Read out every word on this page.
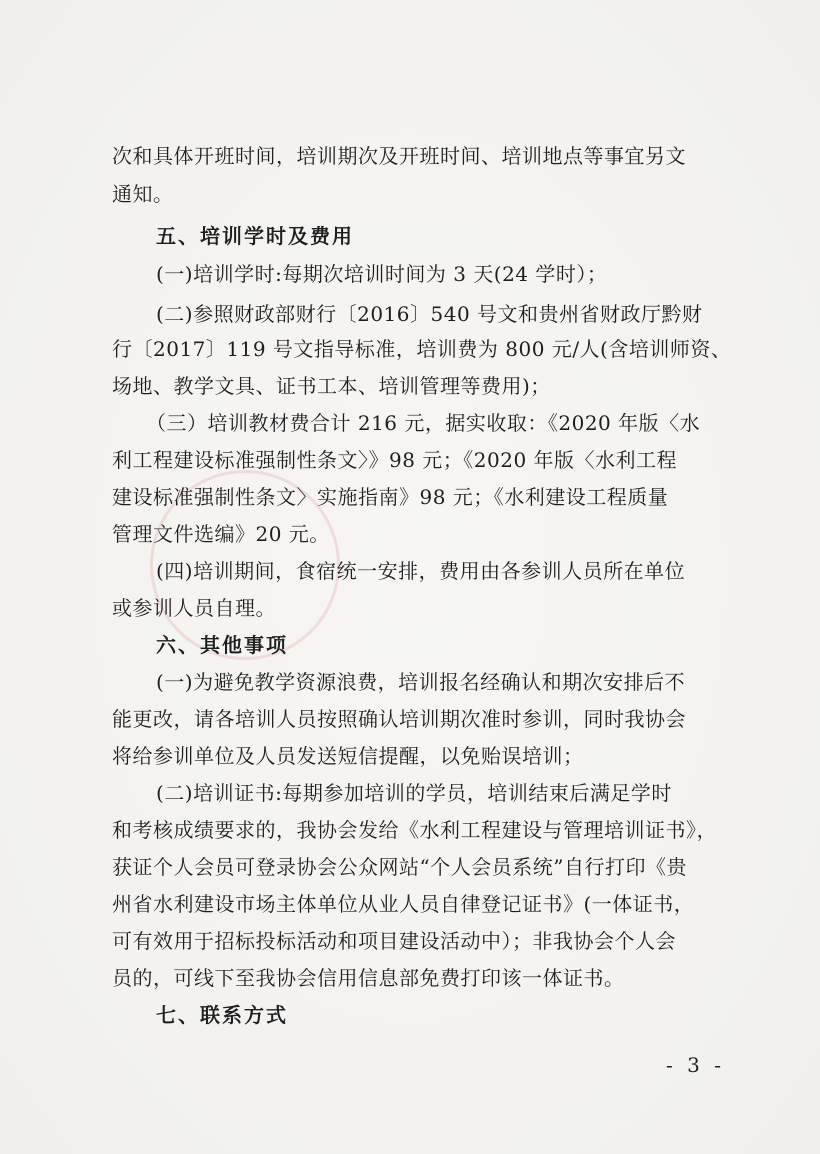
次和具体开班时间，培训期次及开班时间、培训地点等事宜另文
通知。
五、培训学时及费用
(一)培训学时:每期次培训时间为 3 天(24 学时）；
(二)参照财政部财行〔2016〕540 号文和贵州省财政厅黔财
行〔2017〕119 号文指导标准，培训费为 800 元/人(含培训师资、
场地、教学文具、证书工本、培训管理等费用)；
（三）培训教材费合计 216 元，据实收取：《2020 年版〈水
利工程建设标准强制性条文〉》98 元；《2020 年版〈水利工程
建设标准强制性条文〉实施指南》98 元；《水利建设工程质量
管理文件选编》20 元。
(四)培训期间，食宿统一安排，费用由各参训人员所在单位
或参训人员自理。
六、其他事项
(一)为避免教学资源浪费，培训报名经确认和期次安排后不
能更改，请各培训人员按照确认培训期次准时参训，同时我协会
将给参训单位及人员发送短信提醒，以免贻误培训；
(二)培训证书:每期参加培训的学员，培训结束后满足学时
和考核成绩要求的，我协会发给《水利工程建设与管理培训证书》，
获证个人会员可登录协会公众网站“个人会员系统”自行打印《贵
州省水利建设市场主体单位从业人员自律登记证书》(一体证书，
可有效用于招标投标活动和项目建设活动中）；非我协会个人会
员的，可线下至我协会信用信息部免费打印该一体证书。
七、联系方式
- 3 -
